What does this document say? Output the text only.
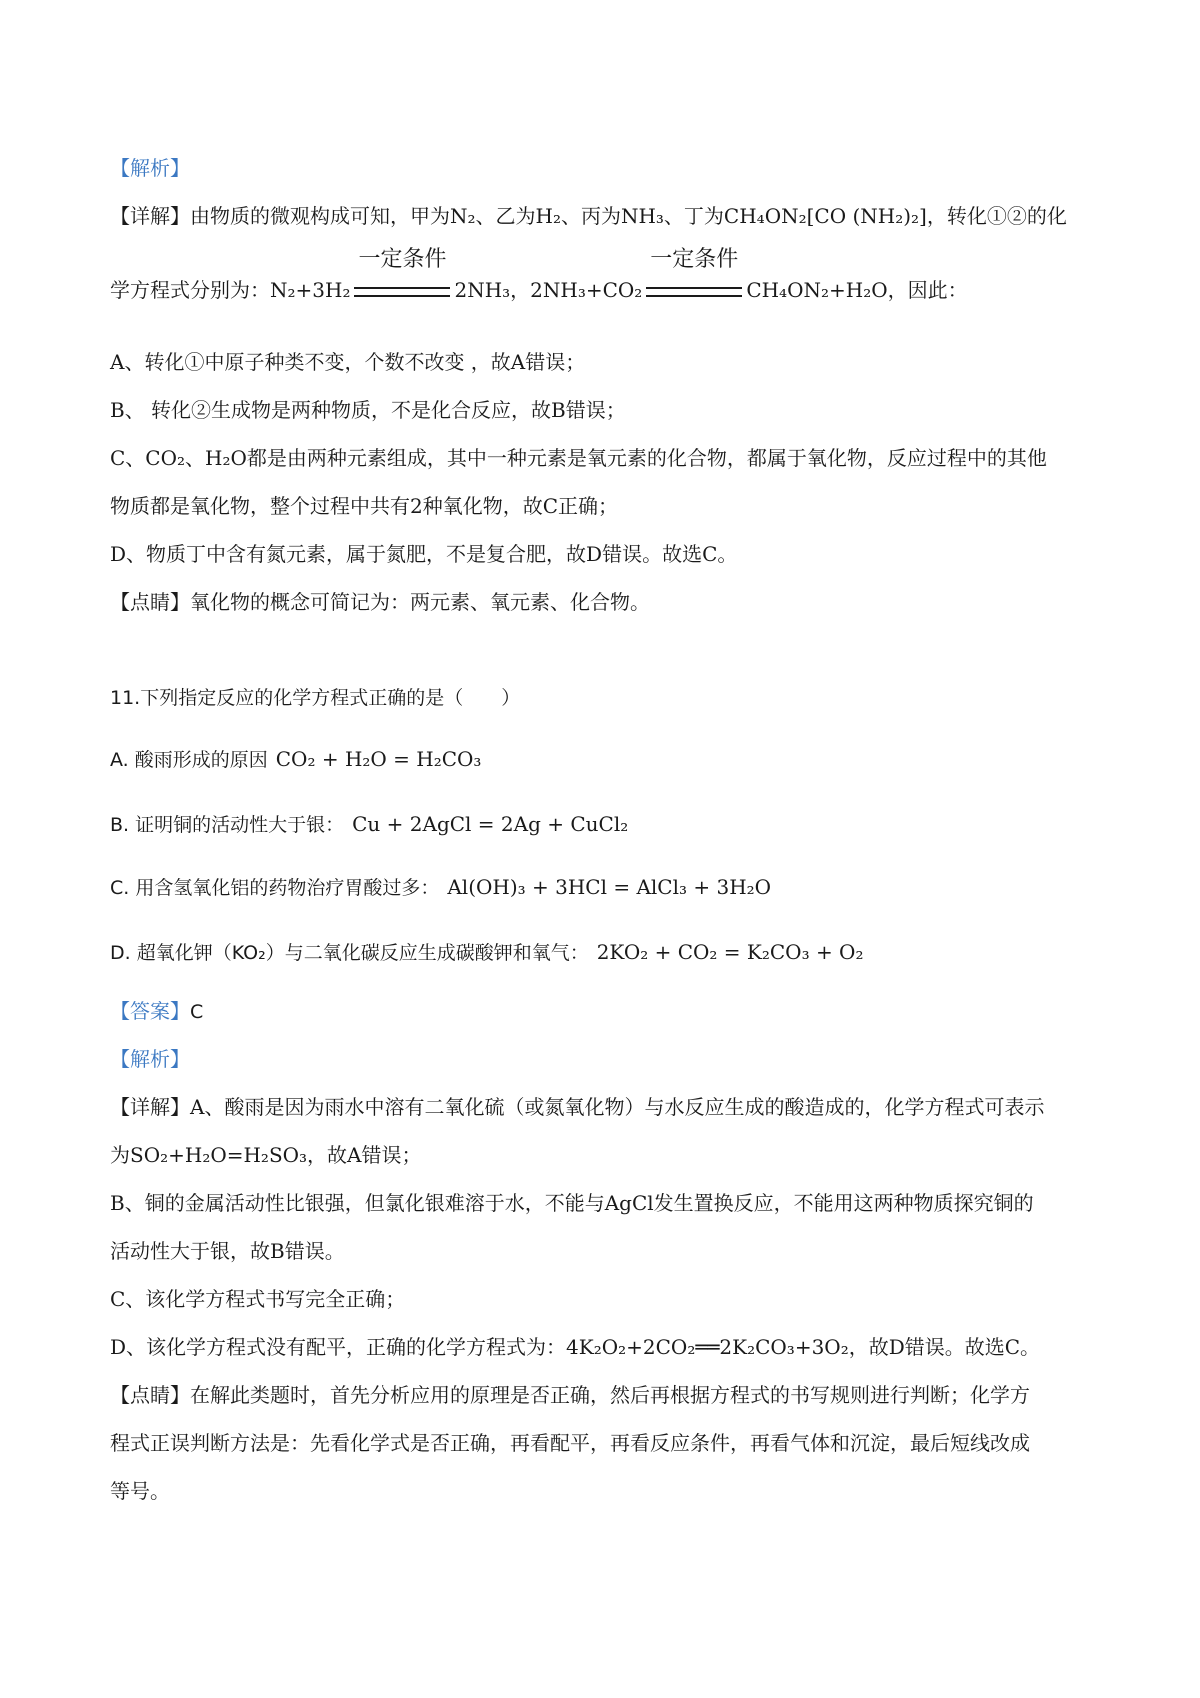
【解析】
【详解】由物质的微观构成可知，甲为N₂、乙为H₂、丙为NH₃、丁为CH₄ON₂[CO (NH₂)₂]，转化①②的化
学方程式分别为：N₂+3H₂
一定条件
2NH₃，2NH₃+CO₂
一定条件
CH₄ON₂+H₂O，因此：
A、转化①中原子种类不变，个数不改变 ，故A错误；
B、 转化②生成物是两种物质，不是化合反应，故B错误；
C、CO₂、H₂O都是由两种元素组成，其中一种元素是氧元素的化合物，都属于氧化物，反应过程中的其他
物质都是氧化物，整个过程中共有2种氧化物，故C正确；
D、物质丁中含有氮元素，属于氮肥，不是复合肥，故D错误。故选C。
【点睛】氧化物的概念可简记为：两元素、氧元素、化合物。
11.下列指定反应的化学方程式正确的是（　　）
A. 酸雨形成的原因 CO₂ + H₂O = H₂CO₃
B. 证明铜的活动性大于银： Cu + 2AgCl = 2Ag + CuCl₂
C. 用含氢氧化铝的药物治疗胃酸过多： Al(OH)₃ + 3HCl = AlCl₃ + 3H₂O
D. 超氧化钾（KO₂）与二氧化碳反应生成碳酸钾和氧气： 2KO₂ + CO₂ = K₂CO₃ + O₂
【答案】C
【解析】
【详解】A、酸雨是因为雨水中溶有二氧化硫（或氮氧化物）与水反应生成的酸造成的，化学方程式可表示
为SO₂+H₂O=H₂SO₃，故A错误；
B、铜的金属活动性比银强，但氯化银难溶于水，不能与AgCl发生置换反应，不能用这两种物质探究铜的
活动性大于银，故B错误。
C、该化学方程式书写完全正确；
D、该化学方程式没有配平，正确的化学方程式为：4K₂O₂+2CO₂══2K₂CO₃+3O₂，故D错误。故选C。
【点睛】在解此类题时，首先分析应用的原理是否正确，然后再根据方程式的书写规则进行判断；化学方
程式正误判断方法是：先看化学式是否正确，再看配平，再看反应条件，再看气体和沉淀，最后短线改成
等号。
